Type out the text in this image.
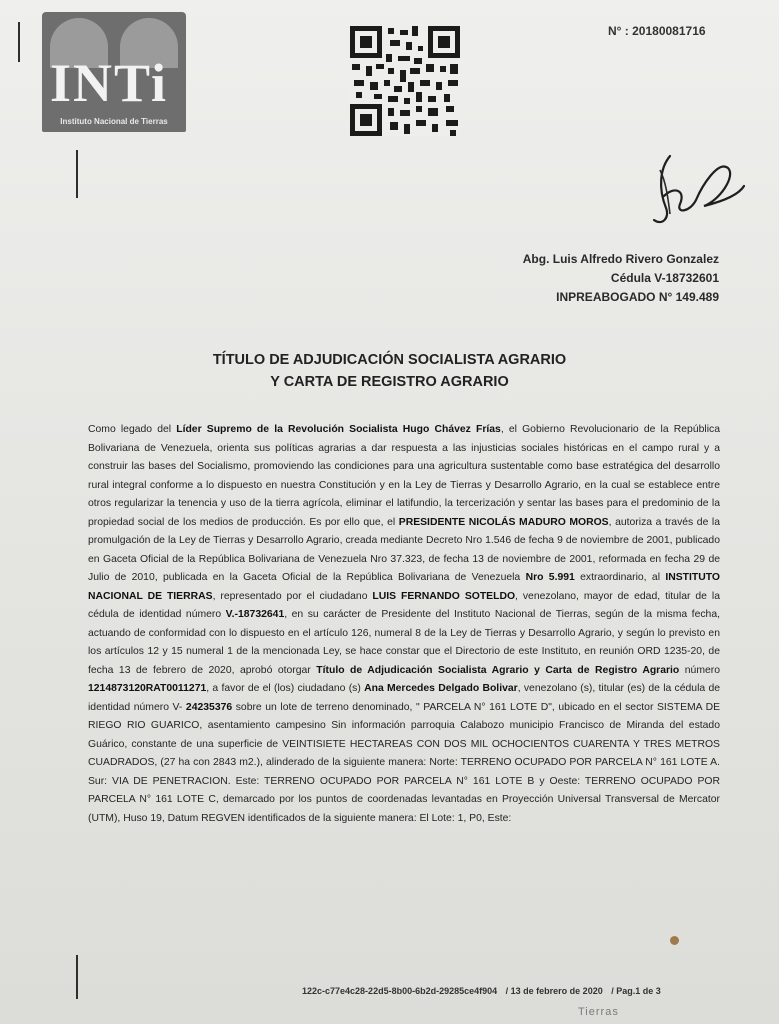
INTi
Instituto Nacional de Tierras
N° : 20180081716
Abg. Luis Alfredo Rivero Gonzalez
Cédula V-18732601
INPREABOGADO N° 149.489
TÍTULO DE ADJUDICACIÓN SOCIALISTA AGRARIO
Y CARTA DE REGISTRO AGRARIO
Como legado del Líder Supremo de la Revolución Socialista Hugo Chávez Frías, el Gobierno Revolucionario de la República Bolivariana de Venezuela, orienta sus políticas agrarias a dar respuesta a las injusticias sociales históricas en el campo rural y a construir las bases del Socialismo, promoviendo las condiciones para una agricultura sustentable como base estratégica del desarrollo rural integral conforme a lo dispuesto en nuestra Constitución y en la Ley de Tierras y Desarrollo Agrario, en la cual se establece entre otros regularizar la tenencia y uso de la tierra agrícola, eliminar el latifundio, la tercerización y sentar las bases para el predominio de la propiedad social de los medios de producción. Es por ello que, el PRESIDENTE NICOLÁS MADURO MOROS, autoriza a través de la promulgación de la Ley de Tierras y Desarrollo Agrario, creada mediante Decreto Nro 1.546 de fecha 9 de noviembre de 2001, publicado en Gaceta Oficial de la República Bolivariana de Venezuela Nro 37.323, de fecha 13 de noviembre de 2001, reformada en fecha 29 de Julio de 2010, publicada en la Gaceta Oficial de la República Bolivariana de Venezuela Nro 5.991 extraordinario, al INSTITUTO NACIONAL DE TIERRAS, representado por el ciudadano LUIS FERNANDO SOTELDO, venezolano, mayor de edad, titular de la cédula de identidad número V.-18732641, en su carácter de Presidente del Instituto Nacional de Tierras, según de la misma fecha, actuando de conformidad con lo dispuesto en el artículo 126, numeral 8 de la Ley de Tierras y Desarrollo Agrario, y según lo previsto en los artículos 12 y 15 numeral 1 de la mencionada Ley, se hace constar que el Directorio de este Instituto, en reunión ORD 1235-20, de fecha 13 de febrero de 2020, aprobó otorgar Título de Adjudicación Socialista Agrario y Carta de Registro Agrario número 1214873120RAT0011271, a favor de el (los) ciudadano (s) Ana Mercedes Delgado Bolivar, venezolano (s), titular (es) de la cédula de identidad número V- 24235376 sobre un lote de terreno denominado, " PARCELA N° 161 LOTE D", ubicado en el sector SISTEMA DE RIEGO RIO GUARICO, asentamiento campesino Sin información parroquia Calabozo municipio Francisco de Miranda del estado Guárico, constante de una superficie de VEINTISIETE HECTAREAS CON DOS MIL OCHOCIENTOS CUARENTA Y TRES METROS CUADRADOS, (27 ha con 2843 m2.), alinderado de la siguiente manera: Norte: TERRENO OCUPADO POR PARCELA N° 161 LOTE A. Sur: VIA DE PENETRACION. Este: TERRENO OCUPADO POR PARCELA N° 161 LOTE B y Oeste: TERRENO OCUPADO POR PARCELA N° 161 LOTE C, demarcado por los puntos de coordenadas levantadas en Proyección Universal Transversal de Mercator (UTM), Huso 19, Datum REGVEN identificados de la siguiente manera: El Lote: 1, P0, Este:
122c-c77e4c28-22d5-8b00-6b2d-29285ce4f904 / 13 de febrero de 2020 / Pag.1 de 3
Tierras
